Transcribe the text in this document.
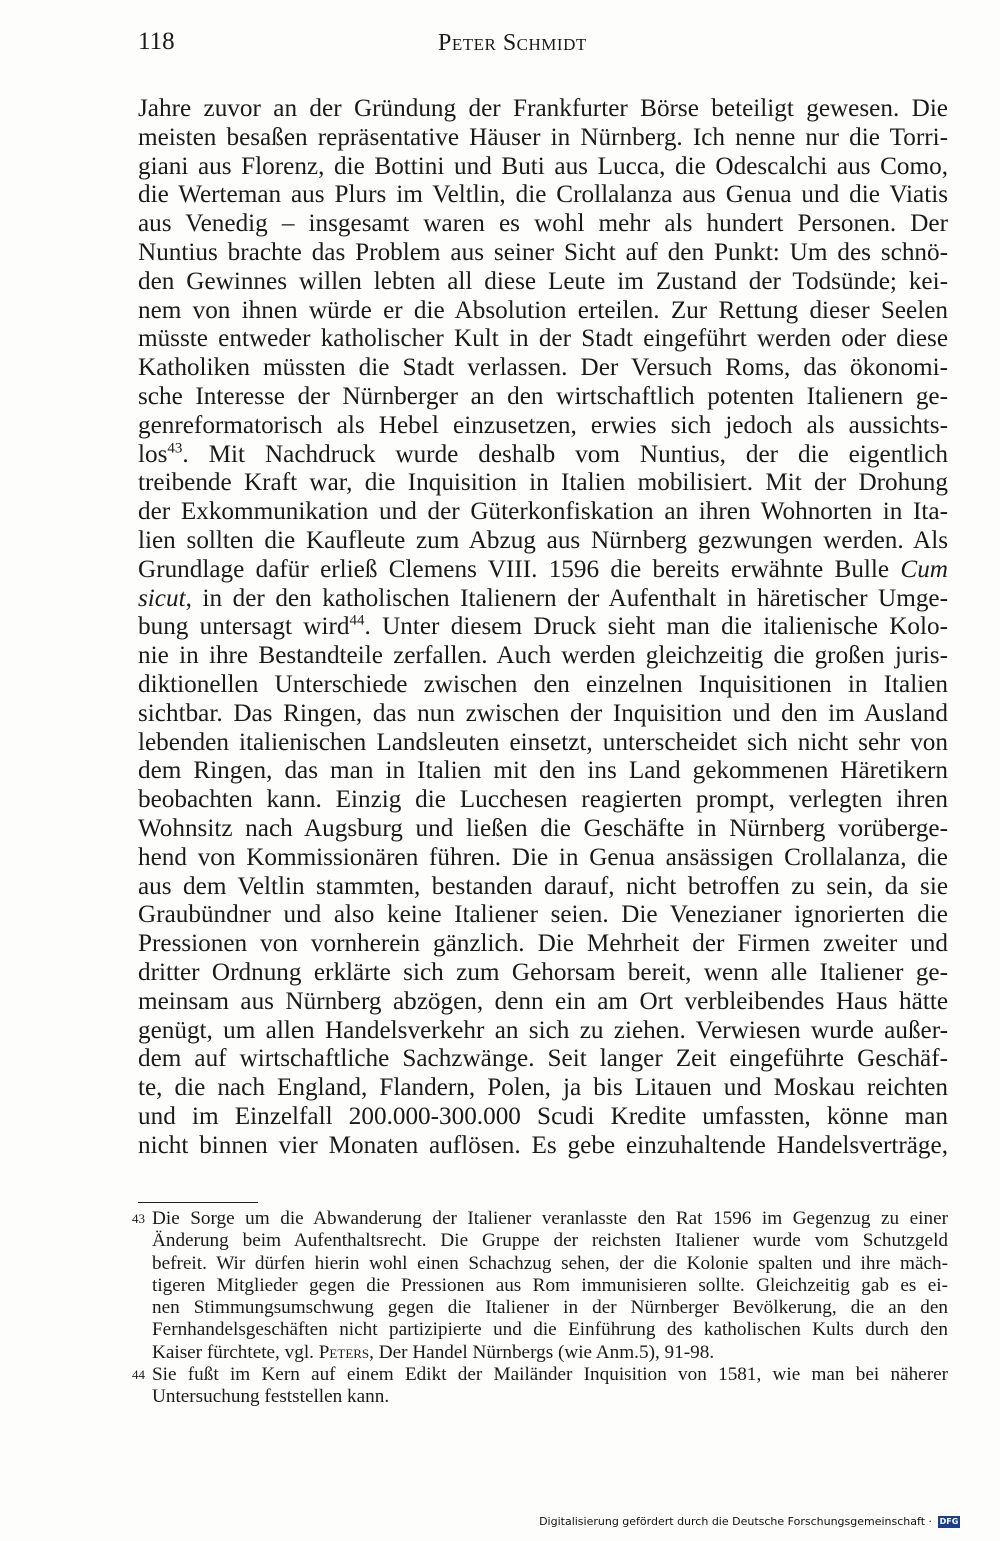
118	Peter Schmidt
Jahre zuvor an der Gründung der Frankfurter Börse beteiligt gewesen. Die
meisten besaßen repräsentative Häuser in Nürnberg. Ich nenne nur die Torri-
giani aus Florenz, die Bottini und Buti aus Lucca, die Odescalchi aus Como,
die Werteman aus Plurs im Veltlin, die Crollalanza aus Genua und die Viatis
aus Venedig – insgesamt waren es wohl mehr als hundert Personen. Der
Nuntius brachte das Problem aus seiner Sicht auf den Punkt: Um des schnö-
den Gewinnes willen lebten all diese Leute im Zustand der Todsünde; kei-
nem von ihnen würde er die Absolution erteilen. Zur Rettung dieser Seelen
müsste entweder katholischer Kult in der Stadt eingeführt werden oder diese
Katholiken müssten die Stadt verlassen. Der Versuch Roms, das ökonomi-
sche Interesse der Nürnberger an den wirtschaftlich potenten Italienern ge-
genreformatorisch als Hebel einzusetzen, erwies sich jedoch als aussichts-
los$^{43}$. Mit Nachdruck wurde deshalb vom Nuntius, der die eigentlich
treibende Kraft war, die Inquisition in Italien mobilisiert. Mit der Drohung
der Exkommunikation und der Güterkonfiskation an ihren Wohnorten in Ita-
lien sollten die Kaufleute zum Abzug aus Nürnberg gezwungen werden. Als
Grundlage dafür erließ Clemens VIII. 1596 die bereits erwähnte Bulle Cum
sicut, in der den katholischen Italienern der Aufenthalt in häretischer Umge-
bung untersagt wird$^{44}$. Unter diesem Druck sieht man die italienische Kolo-
nie in ihre Bestandteile zerfallen. Auch werden gleichzeitig die großen juris-
diktionellen Unterschiede zwischen den einzelnen Inquisitionen in Italien
sichtbar. Das Ringen, das nun zwischen der Inquisition und den im Ausland
lebenden italienischen Landsleuten einsetzt, unterscheidet sich nicht sehr von
dem Ringen, das man in Italien mit den ins Land gekommenen Häretikern
beobachten kann. Einzig die Lucchesen reagierten prompt, verlegten ihren
Wohnsitz nach Augsburg und ließen die Geschäfte in Nürnberg vorüberge-
hend von Kommissionären führen. Die in Genua ansässigen Crollalanza, die
aus dem Veltlin stammten, bestanden darauf, nicht betroffen zu sein, da sie
Graubündner und also keine Italiener seien. Die Venezianer ignorierten die
Pressionen von vornherein gänzlich. Die Mehrheit der Firmen zweiter und
dritter Ordnung erklärte sich zum Gehorsam bereit, wenn alle Italiener ge-
meinsam aus Nürnberg abzögen, denn ein am Ort verbleibendes Haus hätte
genügt, um allen Handelsverkehr an sich zu ziehen. Verwiesen wurde außer-
dem auf wirtschaftliche Sachzwänge. Seit langer Zeit eingeführte Geschäf-
te, die nach England, Flandern, Polen, ja bis Litauen und Moskau reichten
und im Einzelfall 200.000-300.000 Scudi Kredite umfassten, könne man
nicht binnen vier Monaten auflösen. Es gebe einzuhaltende Handelsverträge,
43 Die Sorge um die Abwanderung der Italiener veranlasste den Rat 1596 im Gegenzug zu einer
Änderung beim Aufenthaltsrecht. Die Gruppe der reichsten Italiener wurde vom Schutzgeld
befreit. Wir dürfen hierin wohl einen Schachzug sehen, der die Kolonie spalten und ihre mäch-
tigeren Mitglieder gegen die Pressionen aus Rom immunisieren sollte. Gleichzeitig gab es ei-
nen Stimmungsumschwung gegen die Italiener in der Nürnberger Bevölkerung, die an den
Fernhandelsgeschäften nicht partizipierte und die Einführung des katholischen Kults durch den
Kaiser fürchtete, vgl. Peters, Der Handel Nürnbergs (wie Anm.5), 91-98.
44 Sie fußt im Kern auf einem Edikt der Mailänder Inquisition von 1581, wie man bei näherer
Untersuchung feststellen kann.
Digitalisierung gefördert durch die Deutsche Forschungsgemeinschaft · DFG
